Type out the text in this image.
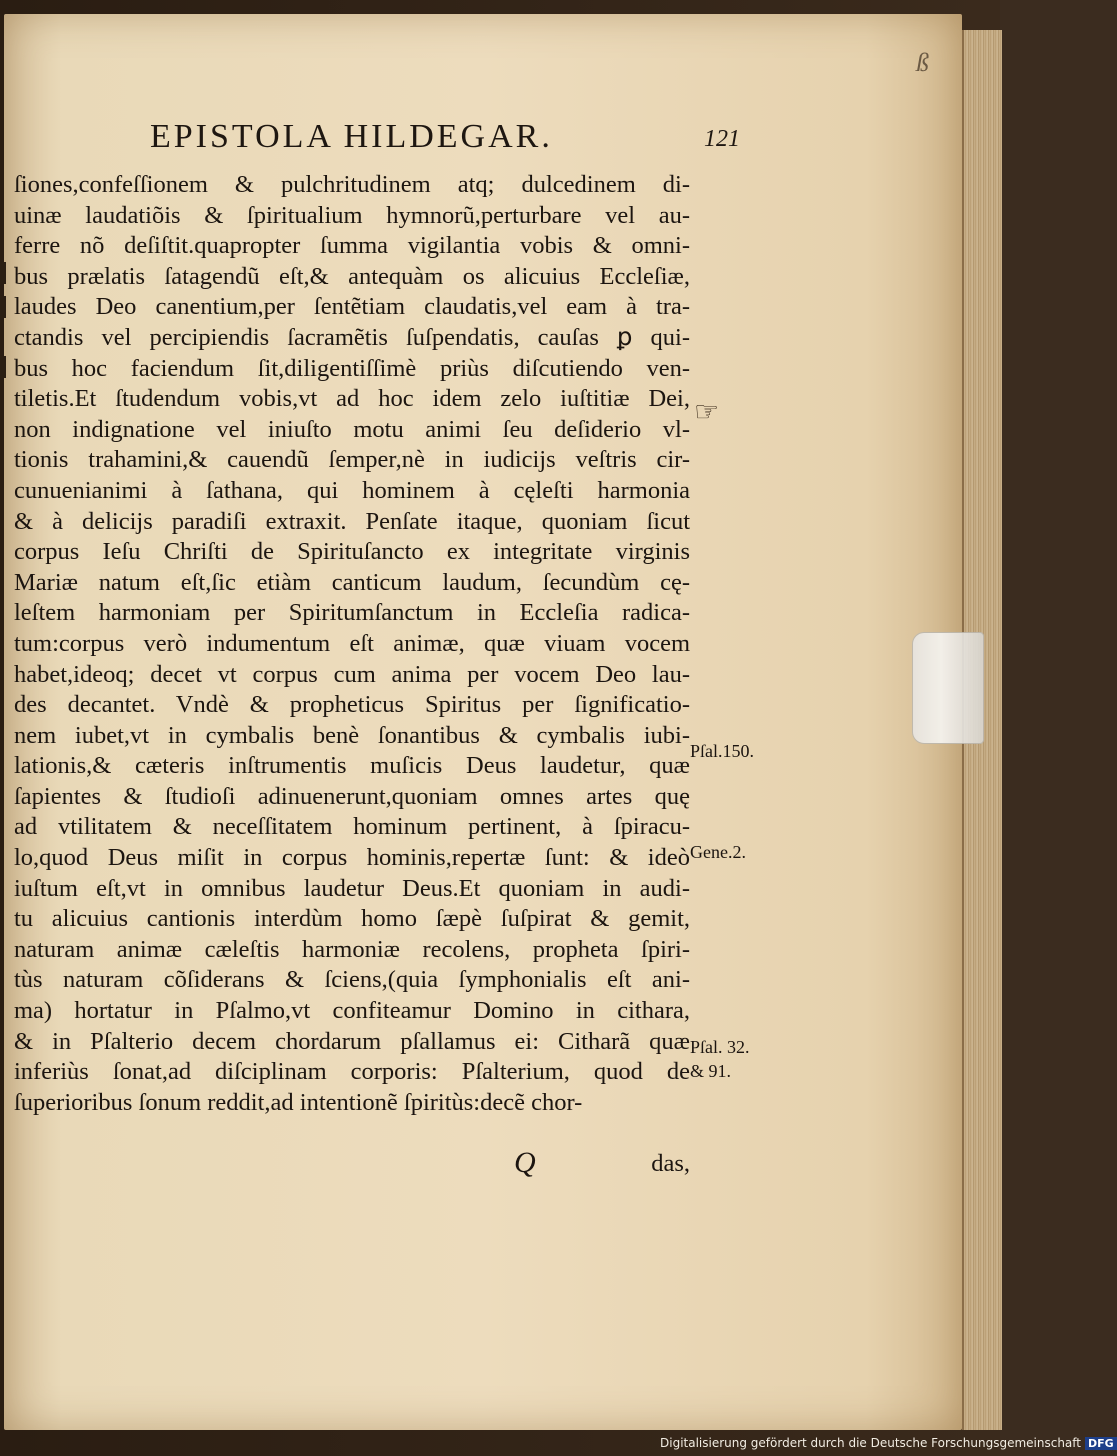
ß
EPISTOLA HILDEGAR.	121
ſiones,confeſſionem & pulchritudinem atq; dulcedinem di-
uinæ laudatiõis & ſpiritualium hymnorũ,perturbare vel au-
ferre nõ deſiſtit.quapropter ſumma vigilantia vobis & omni-
bus prælatis ſatagendũ eſt,& antequàm os alicuius Eccleſiæ,
laudes Deo canentium,per ſentẽtiam claudatis,vel eam à tra-
ctandis vel percipiendis ſacramẽtis ſuſpendatis, cauſas ꝑ qui-
bus hoc faciendum ſit,diligentiſſimè priùs diſcutiendo ven-
tiletis.Et ſtudendum vobis,vt ad hoc idem zelo iuſtitiæ Dei,
non indignatione vel iniuſto motu animi ſeu deſiderio vl-
tionis trahamini,& cauendũ ſemper,nè in iudicijs veſtris cir-
cunuenianimi à ſathana, qui hominem à cęleſti harmonia
& à delicijs paradiſi extraxit. Penſate itaque, quoniam ſicut
corpus Ieſu Chriſti de Spirituſancto ex integritate virginis
Mariæ natum eſt,ſic etiàm canticum laudum, ſecundùm cę-
leſtem harmoniam per Spiritumſanctum in Eccleſia radica-
tum:corpus verò indumentum eſt animæ, quæ viuam vocem
habet,ideoq; decet vt corpus cum anima per vocem Deo lau-
des decantet. Vndè & propheticus Spiritus per ſignificatio-
nem iubet,vt in cymbalis benè ſonantibus & cymbalis iubi-
lationis,& cæteris inſtrumentis muſicis Deus laudetur, quæ
ſapientes & ſtudioſi adinuenerunt,quoniam omnes artes quę
ad vtilitatem & neceſſitatem hominum pertinent, à ſpiracu-
lo,quod Deus miſit in corpus hominis,repertæ ſunt: & ideò
iuſtum eſt,vt in omnibus laudetur Deus.Et quoniam in audi-
tu alicuius cantionis interdùm homo ſæpè ſuſpirat & gemit,
naturam animæ cæleſtis harmoniæ recolens, propheta ſpiri-
tùs naturam cõſiderans & ſciens,(quia ſymphonialis eſt ani-
ma) hortatur in Pſalmo,vt confiteamur Domino in cithara,
& in Pſalterio decem chordarum pſallamus ei: Citharã quæ
inferiùs ſonat,ad diſciplinam corporis: Pſalterium, quod de
ſuperioribus ſonum reddit,ad intentionẽ ſpiritùs:decẽ chor-
☞
Pſal.150.
Gene.2.
Pſal. 32.
& 91.
Q	das,
Digitalisierung gefördert durch die Deutsche Forschungsgemeinschaft DFG
